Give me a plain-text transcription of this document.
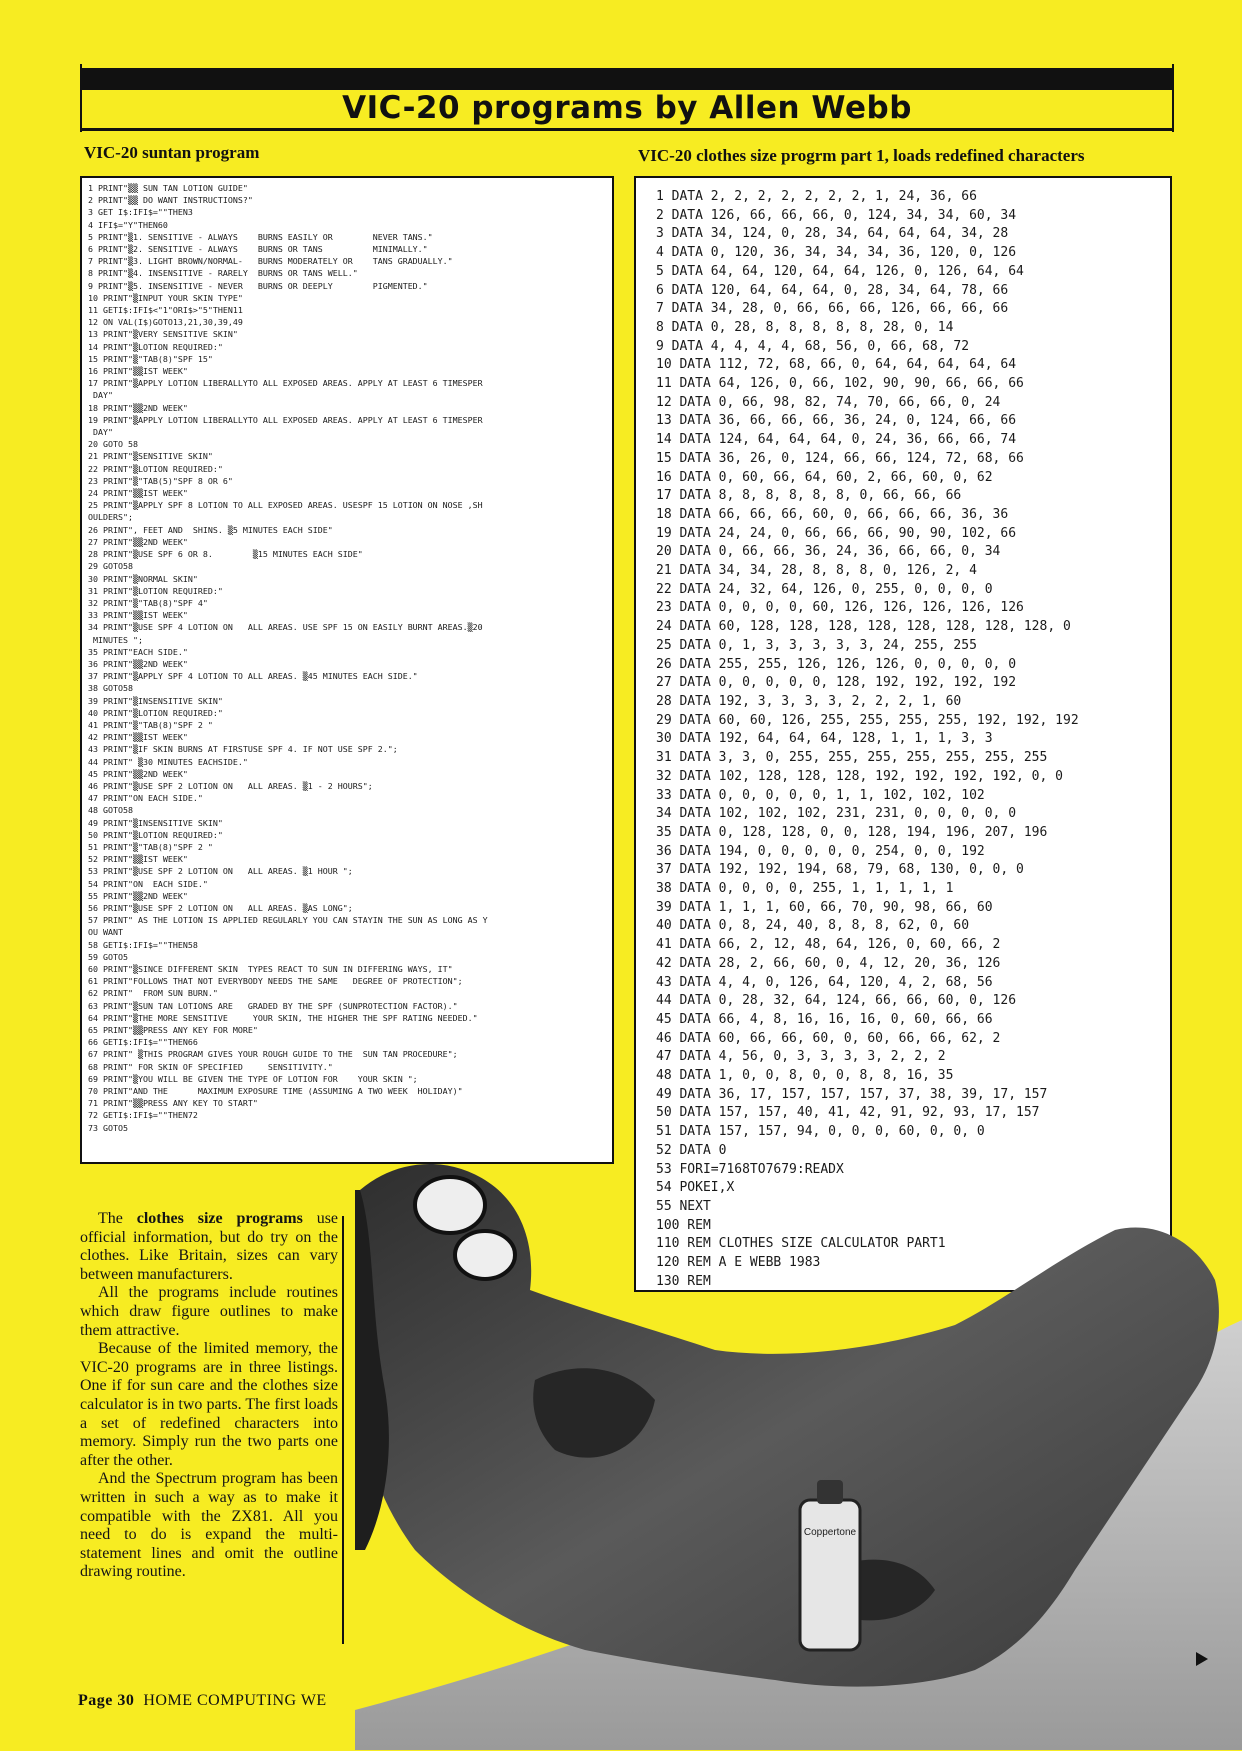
VIC-20 programs by Allen Webb
VIC-20 suntan program	VIC-20 clothes size progrm part 1, loads redefined characters
1 PRINT"▒▒ SUN TAN LOTION GUIDE"
2 PRINT"▒▒ DO WANT INSTRUCTIONS?"
3 GET I$:IFI$=""THEN3
4 IFI$="Y"THEN60
5 PRINT"▒1. SENSITIVE - ALWAYS    BURNS EASILY OR        NEVER TANS."
6 PRINT"▒2. SENSITIVE - ALWAYS    BURNS OR TANS          MINIMALLY."
7 PRINT"▒3. LIGHT BROWN/NORMAL-   BURNS MODERATELY OR    TANS GRADUALLY."
8 PRINT"▒4. INSENSITIVE - RARELY  BURNS OR TANS WELL."
9 PRINT"▒5. INSENSITIVE - NEVER   BURNS OR DEEPLY        PIGMENTED."
10 PRINT"▒INPUT YOUR SKIN TYPE"
11 GETI$:IFI$<"1"ORI$>"5"THEN11
12 ON VAL(I$)GOTO13,21,30,39,49
13 PRINT"▒VERY SENSITIVE SKIN"
14 PRINT"▒LOTION REQUIRED:"
15 PRINT"▒"TAB(8)"SPF 15"
16 PRINT"▒▒IST WEEK"
17 PRINT"▒APPLY LOTION LIBERALLYTO ALL EXPOSED AREAS. APPLY AT LEAST 6 TIMESPER
DAY"
18 PRINT"▒▒2ND WEEK"
19 PRINT"▒APPLY LOTION LIBERALLYTO ALL EXPOSED AREAS. APPLY AT LEAST 6 TIMESPER
DAY"
20 GOTO 58
21 PRINT"▒SENSITIVE SKIN"
22 PRINT"▒LOTION REQUIRED:"
23 PRINT"▒"TAB(5)"SPF 8 OR 6"
24 PRINT"▒▒IST WEEK"
25 PRINT"▒APPLY SPF 8 LOTION TO ALL EXPOSED AREAS. USESPF 15 LOTION ON NOSE ,SH
OULDERS";
26 PRINT", FEET AND  SHINS. ▒5 MINUTES EACH SIDE"
27 PRINT"▒▒2ND WEEK"
28 PRINT"▒USE SPF 6 OR 8.        ▒15 MINUTES EACH SIDE"
29 GOTO58
30 PRINT"▒NORMAL SKIN"
31 PRINT"▒LOTION REQUIRED:"
32 PRINT"▒"TAB(8)"SPF 4"
33 PRINT"▒▒IST WEEK"
34 PRINT"▒USE SPF 4 LOTION ON   ALL AREAS. USE SPF 15 ON EASILY BURNT AREAS.▒20
MINUTES ";
35 PRINT"EACH SIDE."
36 PRINT"▒▒2ND WEEK"
37 PRINT"▒APPLY SPF 4 LOTION TO ALL AREAS. ▒45 MINUTES EACH SIDE."
38 GOTO58
39 PRINT"▒INSENSITIVE SKIN"
40 PRINT"▒LOTION REQUIRED:"
41 PRINT"▒"TAB(8)"SPF 2 "
42 PRINT"▒▒IST WEEK"
43 PRINT"▒IF SKIN BURNS AT FIRSTUSE SPF 4. IF NOT USE SPF 2.";
44 PRINT" ▒30 MINUTES EACHSIDE."
45 PRINT"▒▒2ND WEEK"
46 PRINT"▒USE SPF 2 LOTION ON   ALL AREAS. ▒1 - 2 HOURS";
47 PRINT"ON EACH SIDE."
48 GOTO58
49 PRINT"▒INSENSITIVE SKIN"
50 PRINT"▒LOTION REQUIRED:"
51 PRINT"▒"TAB(8)"SPF 2 "
52 PRINT"▒▒IST WEEK"
53 PRINT"▒USE SPF 2 LOTION ON   ALL AREAS. ▒1 HOUR ";
54 PRINT"ON  EACH SIDE."
55 PRINT"▒▒2ND WEEK"
56 PRINT"▒USE SPF 2 LOTION ON   ALL AREAS. ▒AS LONG";
57 PRINT" AS THE LOTION IS APPLIED REGULARLY YOU CAN STAYIN THE SUN AS LONG AS Y
OU WANT
58 GETI$:IFI$=""THEN58
59 GOTO5
60 PRINT"▒SINCE DIFFERENT SKIN  TYPES REACT TO SUN IN DIFFERING WAYS, IT"
61 PRINT"FOLLOWS THAT NOT EVERYBODY NEEDS THE SAME   DEGREE OF PROTECTION";
62 PRINT"  FROM SUN BURN."
63 PRINT"▒SUN TAN LOTIONS ARE   GRADED BY THE SPF (SUNPROTECTION FACTOR)."
64 PRINT"▒THE MORE SENSITIVE     YOUR SKIN, THE HIGHER THE SPF RATING NEEDED."
65 PRINT"▒▒PRESS ANY KEY FOR MORE"
66 GETI$:IFI$=""THEN66
67 PRINT" ▒THIS PROGRAM GIVES YOUR ROUGH GUIDE TO THE  SUN TAN PROCEDURE";
68 PRINT" FOR SKIN OF SPECIFIED     SENSITIVITY."
69 PRINT"▒YOU WILL BE GIVEN THE TYPE OF LOTION FOR    YOUR SKIN ";
70 PRINT"AND THE      MAXIMUM EXPOSURE TIME (ASSUMING A TWO WEEK  HOLIDAY)"
71 PRINT"▒▒PRESS ANY KEY TO START"
72 GETI$:IFI$=""THEN72
73 GOTO5
1 DATA 2, 2, 2, 2, 2, 2, 2, 1, 24, 36, 66
2 DATA 126, 66, 66, 66, 0, 124, 34, 34, 60, 34
3 DATA 34, 124, 0, 28, 34, 64, 64, 64, 34, 28
4 DATA 0, 120, 36, 34, 34, 34, 36, 120, 0, 126
5 DATA 64, 64, 120, 64, 64, 126, 0, 126, 64, 64
6 DATA 120, 64, 64, 64, 0, 28, 34, 64, 78, 66
7 DATA 34, 28, 0, 66, 66, 66, 126, 66, 66, 66
8 DATA 0, 28, 8, 8, 8, 8, 8, 28, 0, 14
9 DATA 4, 4, 4, 4, 68, 56, 0, 66, 68, 72
10 DATA 112, 72, 68, 66, 0, 64, 64, 64, 64, 64
11 DATA 64, 126, 0, 66, 102, 90, 90, 66, 66, 66
12 DATA 0, 66, 98, 82, 74, 70, 66, 66, 0, 24
13 DATA 36, 66, 66, 66, 36, 24, 0, 124, 66, 66
14 DATA 124, 64, 64, 64, 0, 24, 36, 66, 66, 74
15 DATA 36, 26, 0, 124, 66, 66, 124, 72, 68, 66
16 DATA 0, 60, 66, 64, 60, 2, 66, 60, 0, 62
17 DATA 8, 8, 8, 8, 8, 8, 0, 66, 66, 66
18 DATA 66, 66, 66, 60, 0, 66, 66, 66, 36, 36
19 DATA 24, 24, 0, 66, 66, 66, 90, 90, 102, 66
20 DATA 0, 66, 66, 36, 24, 36, 66, 66, 0, 34
21 DATA 34, 34, 28, 8, 8, 8, 0, 126, 2, 4
22 DATA 24, 32, 64, 126, 0, 255, 0, 0, 0, 0
23 DATA 0, 0, 0, 0, 60, 126, 126, 126, 126, 126
24 DATA 60, 128, 128, 128, 128, 128, 128, 128, 128, 0
25 DATA 0, 1, 3, 3, 3, 3, 3, 24, 255, 255
26 DATA 255, 255, 126, 126, 126, 0, 0, 0, 0, 0
27 DATA 0, 0, 0, 0, 0, 128, 192, 192, 192, 192
28 DATA 192, 3, 3, 3, 3, 2, 2, 2, 1, 60
29 DATA 60, 60, 126, 255, 255, 255, 255, 192, 192, 192
30 DATA 192, 64, 64, 64, 128, 1, 1, 1, 3, 3
31 DATA 3, 3, 0, 255, 255, 255, 255, 255, 255, 255
32 DATA 102, 128, 128, 128, 192, 192, 192, 192, 0, 0
33 DATA 0, 0, 0, 0, 0, 1, 1, 102, 102, 102
34 DATA 102, 102, 102, 231, 231, 0, 0, 0, 0, 0
35 DATA 0, 128, 128, 0, 0, 128, 194, 196, 207, 196
36 DATA 194, 0, 0, 0, 0, 0, 254, 0, 0, 192
37 DATA 192, 192, 194, 68, 79, 68, 130, 0, 0, 0
38 DATA 0, 0, 0, 0, 255, 1, 1, 1, 1, 1
39 DATA 1, 1, 1, 60, 66, 70, 90, 98, 66, 60
40 DATA 0, 8, 24, 40, 8, 8, 8, 62, 0, 60
41 DATA 66, 2, 12, 48, 64, 126, 0, 60, 66, 2
42 DATA 28, 2, 66, 60, 0, 4, 12, 20, 36, 126
43 DATA 4, 4, 0, 126, 64, 120, 4, 2, 68, 56
44 DATA 0, 28, 32, 64, 124, 66, 66, 60, 0, 126
45 DATA 66, 4, 8, 16, 16, 16, 0, 60, 66, 66
46 DATA 60, 66, 66, 60, 0, 60, 66, 66, 62, 2
47 DATA 4, 56, 0, 3, 3, 3, 3, 2, 2, 2
48 DATA 1, 0, 0, 8, 0, 0, 8, 8, 16, 35
49 DATA 36, 17, 157, 157, 157, 37, 38, 39, 17, 157
50 DATA 157, 157, 40, 41, 42, 91, 92, 93, 17, 157
51 DATA 157, 157, 94, 0, 0, 0, 60, 0, 0, 0
52 DATA 0
53 FORI=7168TO7679:READX
54 POKEI,X
55 NEXT
100 REM
110 REM CLOTHES SIZE CALCULATOR PART1
120 REM A E WEBB 1983
130 REM
Coppertone

The clothes size programs use official information, but do try on the clothes. Like Britain, sizes can vary between manufacturers.

All the programs include routines which draw figure outlines to make them attractive.

Because of the limited memory, the VIC-20 programs are in three listings. One if for sun care and the clothes size calculator is in two parts. The first loads a set of redefined characters into memory. Simply run the two parts one after the other.

And the Spectrum program has been written in such a way as to make it compatible with the ZX81. All you need to do is expand the multi-statement lines and omit the outline drawing routine.

Page 30 HOME COMPUTING WE
